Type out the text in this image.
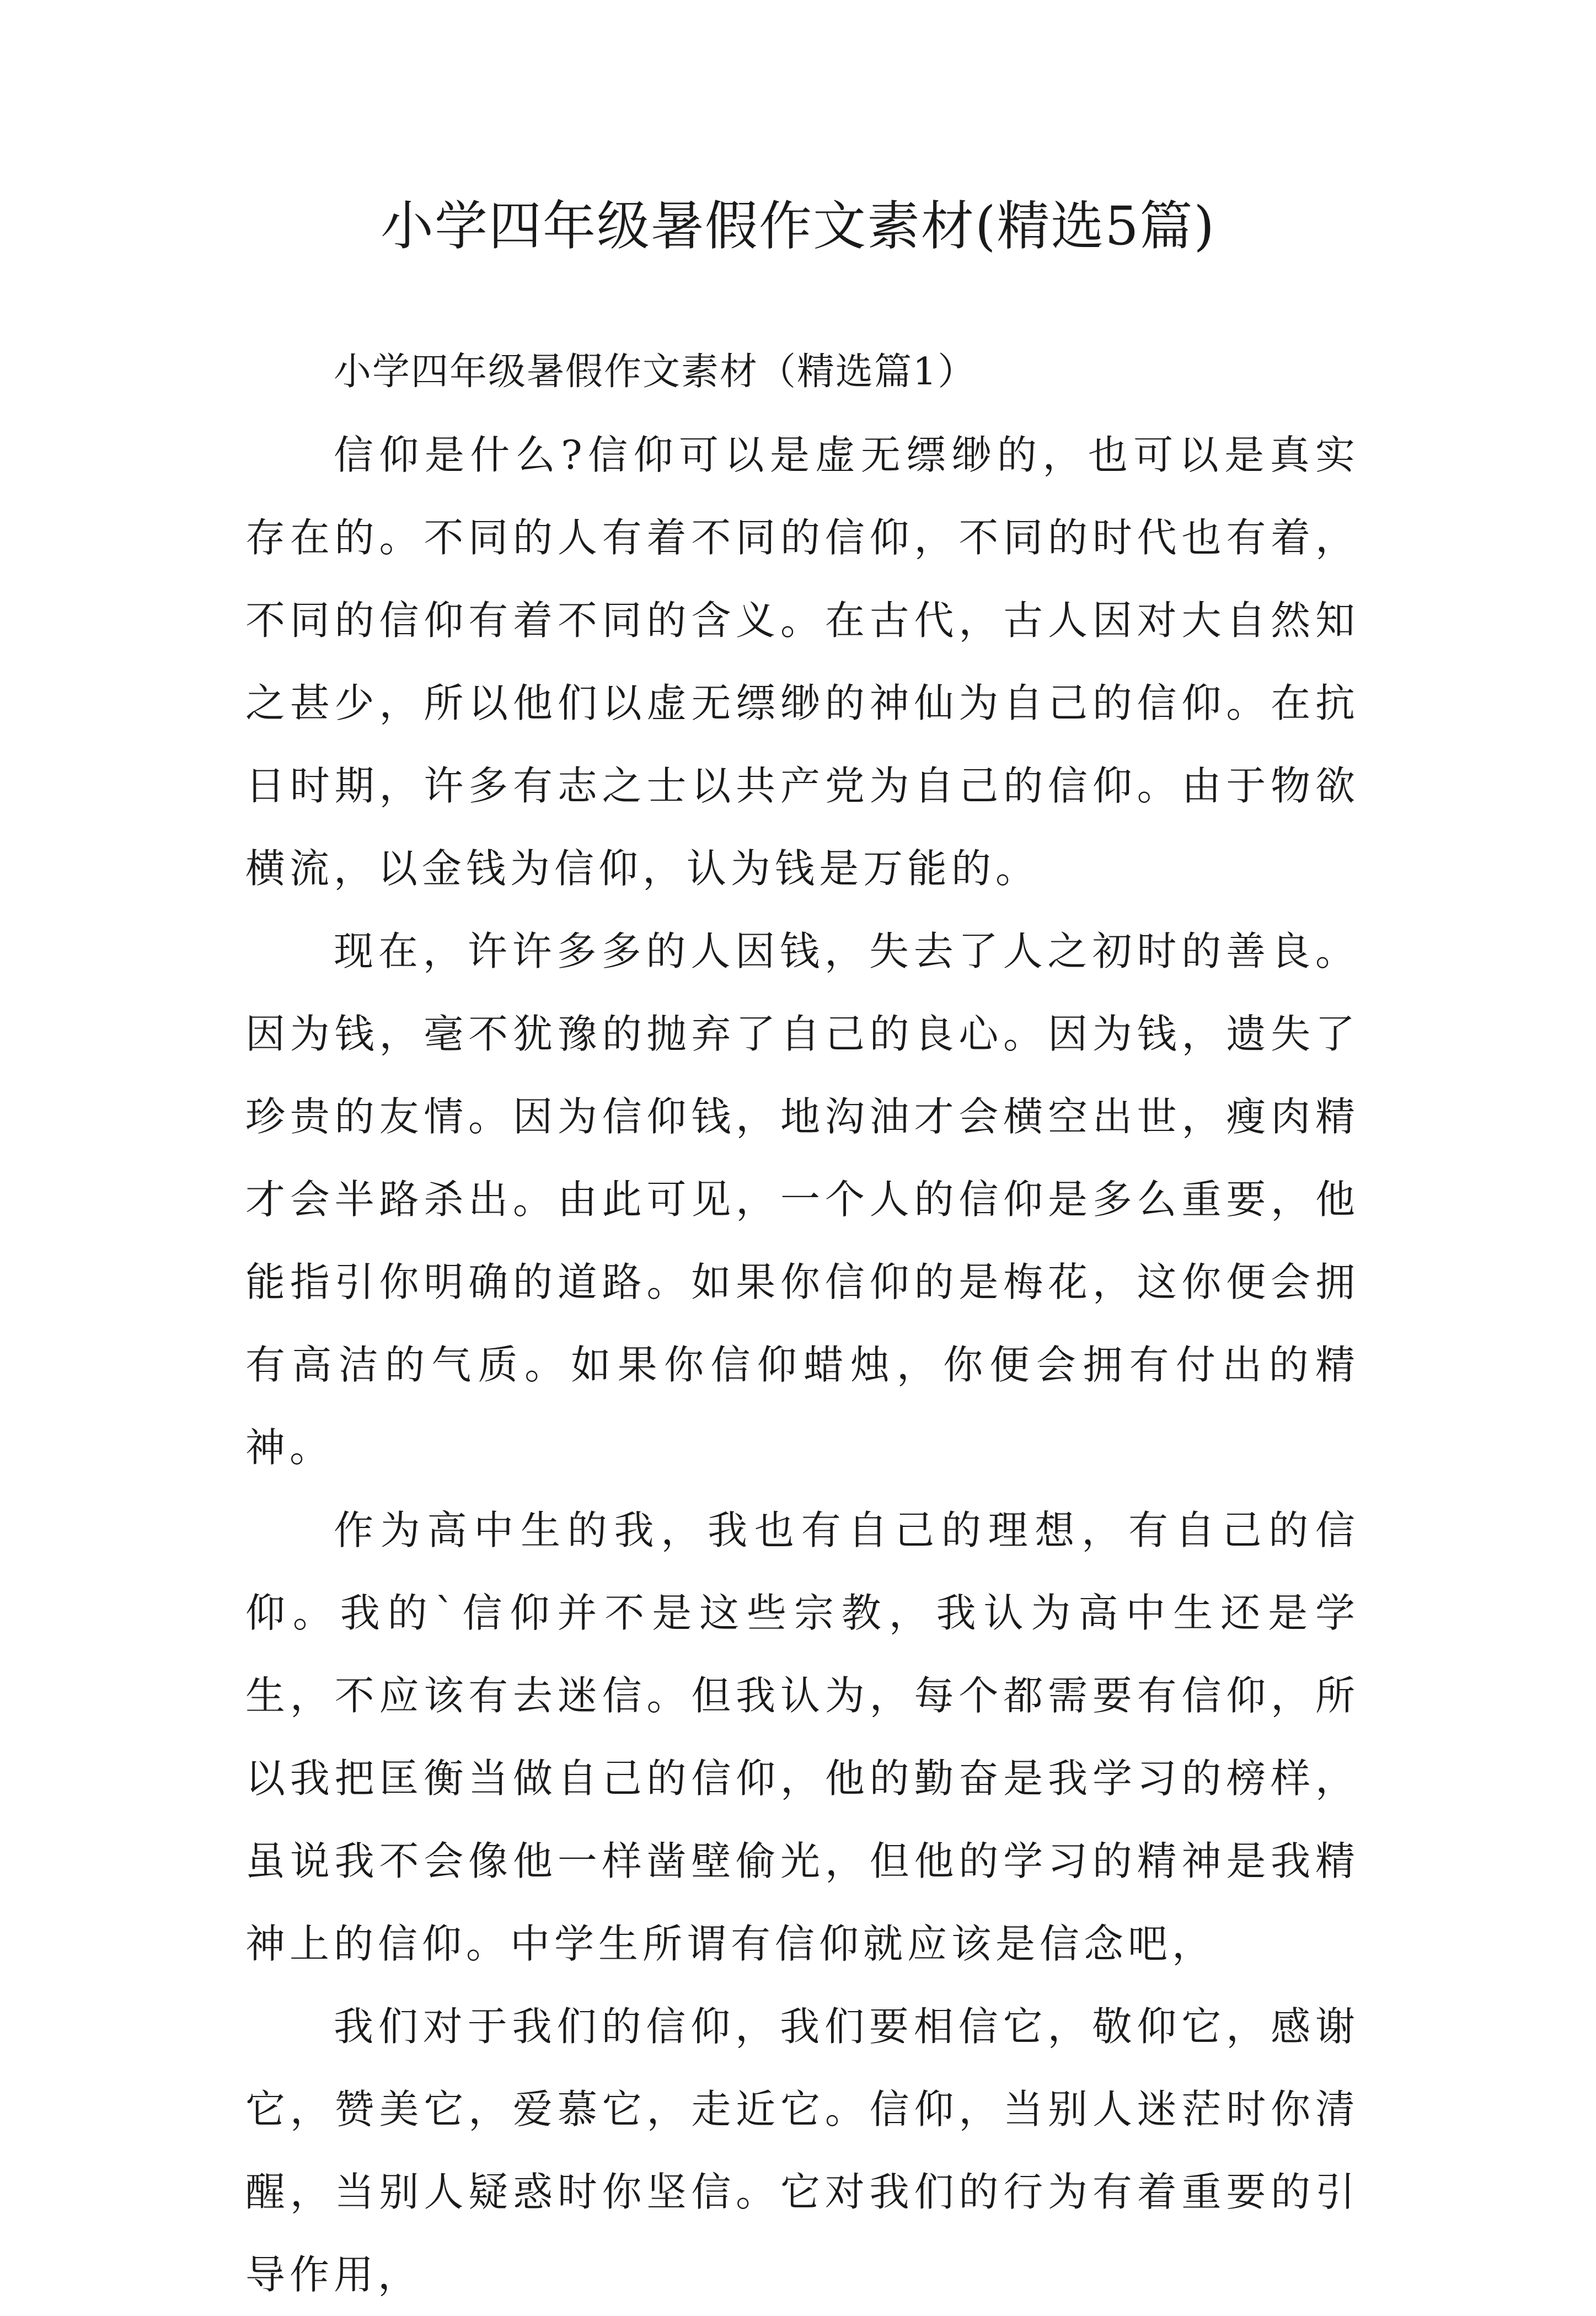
小学四年级暑假作文素材(精选5篇)

小学四年级暑假作文素材（精选篇1）

信仰是什么?信仰可以是虚无缥缈的，也可以是真实存在的。不同的人有着不同的信仰，不同的时代也有着，不同的信仰有着不同的含义。在古代，古人因对大自然知之甚少，所以他们以虚无缥缈的神仙为自己的信仰。在抗日时期，许多有志之士以共产党为自己的信仰。由于物欲横流，以金钱为信仰，认为钱是万能的。

现在，许许多多的人因钱，失去了人之初时的善良。因为钱，毫不犹豫的抛弃了自己的良心。因为钱，遗失了珍贵的友情。因为信仰钱，地沟油才会横空出世，瘦肉精才会半路杀出。由此可见，一个人的信仰是多么重要，他能指引你明确的道路。如果你信仰的是梅花，这你便会拥有高洁的气质。如果你信仰蜡烛，你便会拥有付出的精神。

作为高中生的我，我也有自己的理想，有自己的信仰。我的`信仰并不是这些宗教，我认为高中生还是学生，不应该有去迷信。但我认为，每个都需要有信仰，所以我把匡衡当做自己的信仰，他的勤奋是我学习的榜样，虽说我不会像他一样凿壁偷光，但他的学习的精神是我精神上的信仰。中学生所谓有信仰就应该是信念吧，

我们对于我们的信仰，我们要相信它，敬仰它，感谢它，赞美它，爱慕它，走近它。信仰，当别人迷茫时你清醒，当别人疑惑时你坚信。它对我们的行为有着重要的引导作用，
